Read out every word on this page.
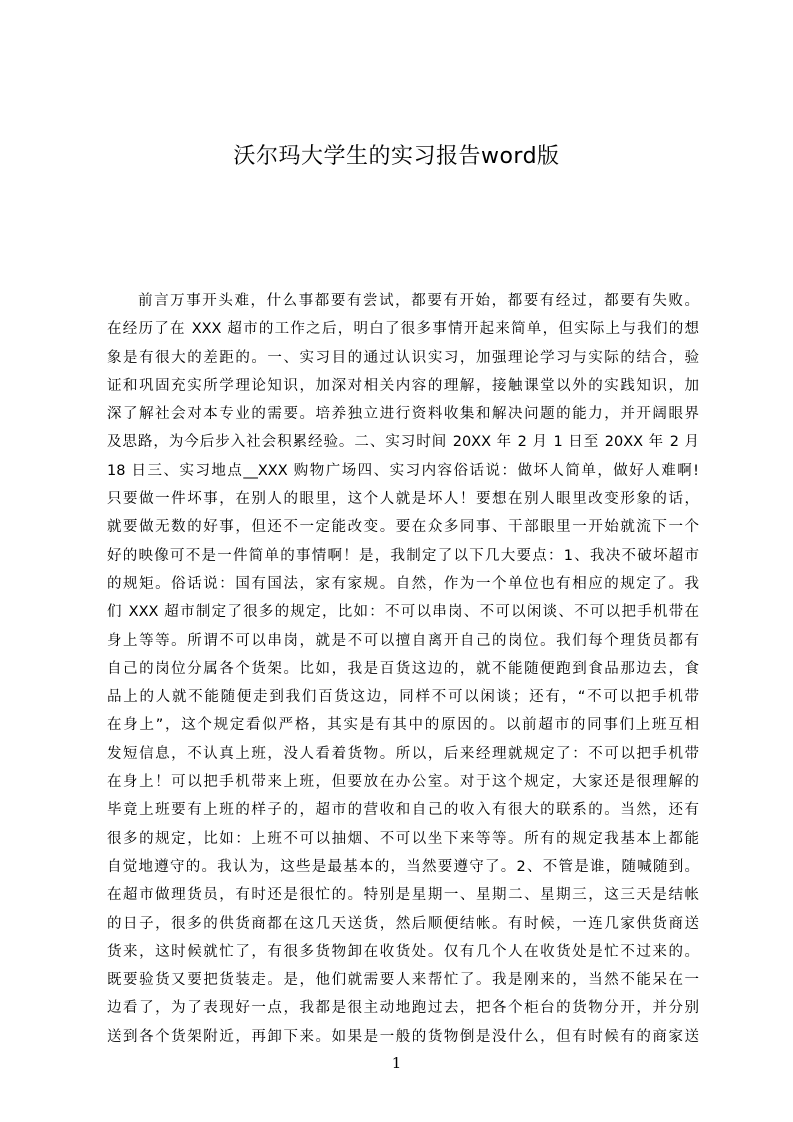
沃尔玛大学生的实习报告word版
前言万事开头难，什么事都要有尝试，都要有开始，都要有经过，都要有失败。
在经历了在 XXX 超市的工作之后，明白了很多事情开起来简单，但实际上与我们的想
象是有很大的差距的。一、实习目的通过认识实习，加强理论学习与实际的结合，验
证和巩固充实所学理论知识，加深对相关内容的理解，接触课堂以外的实践知识，加
深了解社会对本专业的需要。培养独立进行资料收集和解决问题的能力，并开阔眼界
及思路，为今后步入社会积累经验。二、实习时间 20XX 年 2 月 1 日至 20XX 年 2 月
18 日三、实习地点__XXX 购物广场四、实习内容俗话说：做坏人简单，做好人难啊!
只要做一件坏事，在别人的眼里，这个人就是坏人！要想在别人眼里改变形象的话，
就要做无数的好事，但还不一定能改变。要在众多同事、干部眼里一开始就流下一个
好的映像可不是一件简单的事情啊！是，我制定了以下几大要点：1、我决不破坏超市
的规矩。俗话说：国有国法，家有家规。自然，作为一个单位也有相应的规定了。我
们 XXX 超市制定了很多的规定，比如：不可以串岗、不可以闲谈、不可以把手机带在
身上等等。所谓不可以串岗，就是不可以擅自离开自己的岗位。我们每个理货员都有
自己的岗位分属各个货架。比如，我是百货这边的，就不能随便跑到食品那边去，食
品上的人就不能随便走到我们百货这边，同样不可以闲谈；还有，“不可以把手机带
在身上”，这个规定看似严格，其实是有其中的原因的。以前超市的同事们上班互相
发短信息，不认真上班，没人看着货物。所以，后来经理就规定了：不可以把手机带
在身上！可以把手机带来上班，但要放在办公室。对于这个规定，大家还是很理解的
毕竟上班要有上班的样子的，超市的营收和自己的收入有很大的联系的。当然，还有
很多的规定，比如：上班不可以抽烟、不可以坐下来等等。所有的规定我基本上都能
自觉地遵守的。我认为，这些是最基本的，当然要遵守了。2、不管是谁，随喊随到。
在超市做理货员，有时还是很忙的。特别是星期一、星期二、星期三，这三天是结帐
的日子，很多的供货商都在这几天送货，然后顺便结帐。有时候，一连几家供货商送
货来，这时候就忙了，有很多货物卸在收货处。仅有几个人在收货处是忙不过来的。
既要验货又要把货装走。是，他们就需要人来帮忙了。我是刚来的，当然不能呆在一
边看了，为了表现好一点，我都是很主动地跑过去，把各个柜台的货物分开，并分别
送到各个货架附近，再卸下来。如果是一般的货物倒是没什么，但有时候有的商家送
1
